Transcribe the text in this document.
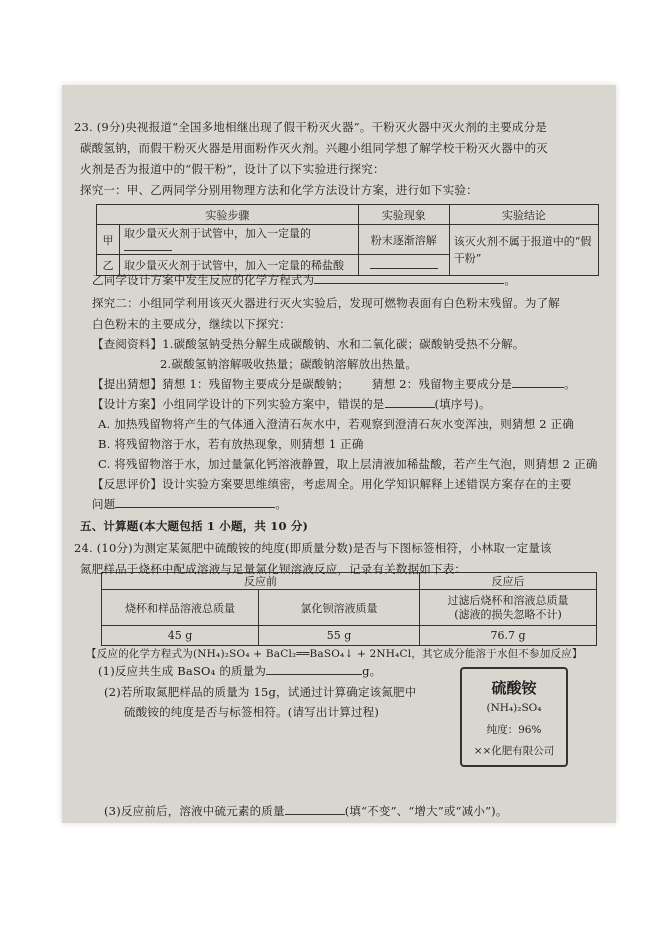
23. (9分)央视报道“全国多地相继出现了假干粉灭火器”。干粉灭火器中灭火剂的主要成分是
碳酸氢钠，而假干粉灭火器是用面粉作灭火剂。兴趣小组同学想了解学校干粉灭火器中的灭
火剂是否为报道中的“假干粉”，设计了以下实验进行探究：
探究一：甲、乙两同学分别用物理方法和化学方法设计方案，进行如下实验：
实验步骤		实验现象	实验结论
甲	取少量灭火剂于试管中，加入一定量的	粉末逐渐溶解	该灭火剂不属于报道中的“假干粉”
乙	取少量灭火剂于试管中，加入一定量的稀盐酸		
乙同学设计方案中发生反应的化学方程式为	。
探究二：小组同学利用该灭火器进行灭火实验后，发现可燃物表面有白色粉末残留。为了解
白色粉末的主要成分，继续以下探究：
【查阅资料】1.碳酸氢钠受热分解生成碳酸钠、水和二氧化碳；碳酸钠受热不分解。
2.碳酸氢钠溶解吸收热量；碳酸钠溶解放出热量。
【提出猜想】猜想 1：残留物主要成分是碳酸钠； 猜想 2：残留物主要成分是	。
【设计方案】小组同学设计的下列实验方案中，错误的是	(填序号)。
A. 加热残留物将产生的气体通入澄清石灰水中，若观察到澄清石灰水变浑浊，则猜想 2 正确
B. 将残留物溶于水，若有放热现象，则猜想 1 正确
C. 将残留物溶于水，加过量氯化钙溶液静置，取上层清液加稀盐酸，若产生气泡，则猜想 2 正确
【反思评价】设计实验方案要思维缜密，考虑周全。用化学知识解释上述错误方案存在的主要
问题	。
五、计算题(本大题包括 1 小题，共 10 分)
24. (10分)为测定某氮肥中硫酸铵的纯度(即质量分数)是否与下图标签相符，小林取一定量该
氮肥样品于烧杯中配成溶液与足量氯化钡溶液反应，记录有关数据如下表：
反应前		反应后
烧杯和样品溶液总质量	氯化钡溶液质量	过滤后烧杯和溶液总质量
(滤液的损失忽略不计)

45 g	55 g	76.7 g
【反应的化学方程式为(NH₄)₂SO₄ + BaCl₂══BaSO₄↓ + 2NH₄Cl，其它成分能溶于水但不参加反应】
(1)反应共生成 BaSO₄ 的质量为	g。
(2)若所取氮肥样品的质量为 15g，试通过计算确定该氮肥中
硫酸铵的纯度是否与标签相符。(请写出计算过程)
硫酸铵
(NH₄)₂SO₄
纯度：96%
××化肥有限公司
(3)反应前后，溶液中硫元素的质量	(填“不变”、“增大”或“减小”)。
